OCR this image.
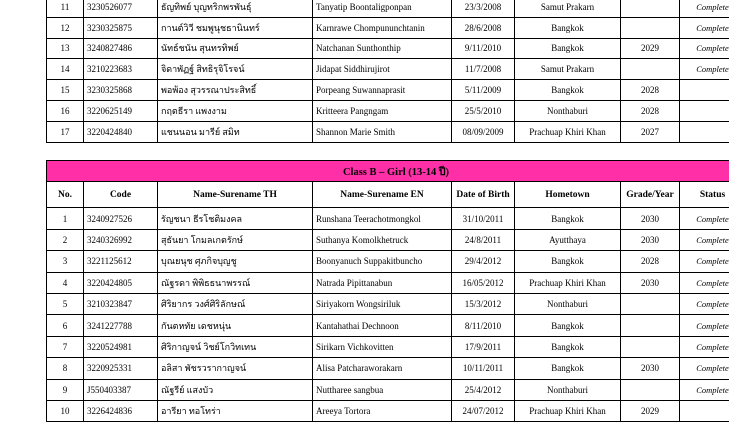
11	3230526077	ธัญทิพย์ บุญทริกพรพันธุ์	Tanyatip Boontaligponpan	23/3/2008	Samut Prakarn		Complete
12	3230325875	กานต์วิวี ชมพูนุชธานินทร์	Karnrawe Chompununchtanin	28/6/2008	Bangkok		Complete
13	3240827486	นัทธ์ชนัน สุนทรทิพย์	Natchanan Sunthonthip	9/11/2010	Bangkok	2029	Complete
14	3210223683	จิดาพัฏฐ์ สิทธิรุจิโรจน์	Jidapat Siddhirujirot	11/7/2008	Samut Prakarn		Complete
15	3230325868	พอพ้อง สุวรรณาประสิทธิ์	Porpeang Suwannaprasit	5/11/2009	Bangkok	2028	
16	3220625149	กฤตธีรา แพงงาม	Kritteera Pangngam	25/5/2010	Nonthaburi	2028	
17	3220424840	แชนนอน มารีย์ สมิท	Shannon Marie Smith	08/09/2009	Prachuap Khiri Khan	2027	
Class B – Girl (13-14 ปี)							
No.	Code	Name-Surename TH	Name-Surename EN	Date of Birth	Hometown	Grade/Year	Status
1	3240927526	รัญชนา ธีรโชติมงคล	Runshana Teerachotmongkol	31/10/2011	Bangkok	2030	Complete
2	3240326992	สุธันยา โกมลเกตรักษ์	Suthanya Komolkhetruck	24/8/2011	Ayutthaya	2030	Complete
3	3221125612	บุณยนุช ศุภกิจบุญชู	Boonyanuch Suppakitbuncho	29/4/2012	Bangkok	2028	Complete
4	3220424805	ณัฐรดา พิพิธธนาพรรณ์	Natrada Pipittanabun	16/05/2012	Prachuap Khiri Khan	2030	Complete
5	3210323847	ศิริยากร วงศ์ศิริลักษณ์	Siriyakorn Wongsiriluk	15/3/2012	Nonthaburi		Complete
6	3241227788	กันตหทัย เดชหนุ่น	Kantahathai Dechnoon	8/11/2010	Bangkok		Complete
7	3220524981	ศิริกาญจน์ วิชย์โกวิทเทน	Sirikarn Vichkovitten	17/9/2011	Bangkok		Complete
8	3220925331	อลิสา พัชรวรากาญจน์	Alisa Patcharaworakarn	10/11/2011	Bangkok	2030	Complete
9	J550403387	ณัฐรีย์ แสงบัว	Nuttharee sangbua	25/4/2012	Nonthaburi		Complete
10	3226424836	อารียา ทอโทร่า	Areeya Tortora	24/07/2012	Prachuap Khiri Khan	2029	
